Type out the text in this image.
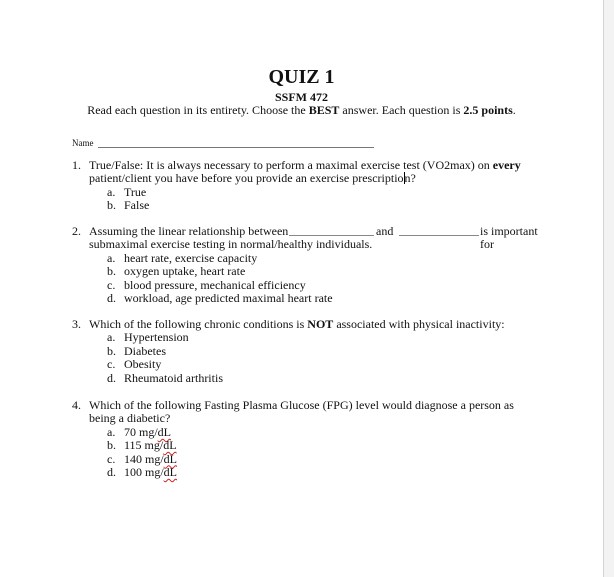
QUIZ 1
SSFM 472
Read each question in its entirety. Choose the BEST answer. Each question is 2.5 points.
Name
1. True/False: It is always necessary to perform a maximal exercise test (VO2max) on every
patient/client you have before you provide an exercise prescription?
a. True
b. False
2. Assuming the linear relationship between	and	is important for
submaximal exercise testing in normal/healthy individuals.
a. heart rate, exercise capacity
b. oxygen uptake, heart rate
c. blood pressure, mechanical efficiency
d. workload, age predicted maximal heart rate
3. Which of the following chronic conditions is NOT associated with physical inactivity:
a. Hypertension
b. Diabetes
c. Obesity
d. Rheumatoid arthritis
4. Which of the following Fasting Plasma Glucose (FPG) level would diagnose a person as
being a diabetic?
a. 70 mg/ dL
b. 115 mg/ dL
c. 140 mg/ dL
d. 100 mg/ dL
